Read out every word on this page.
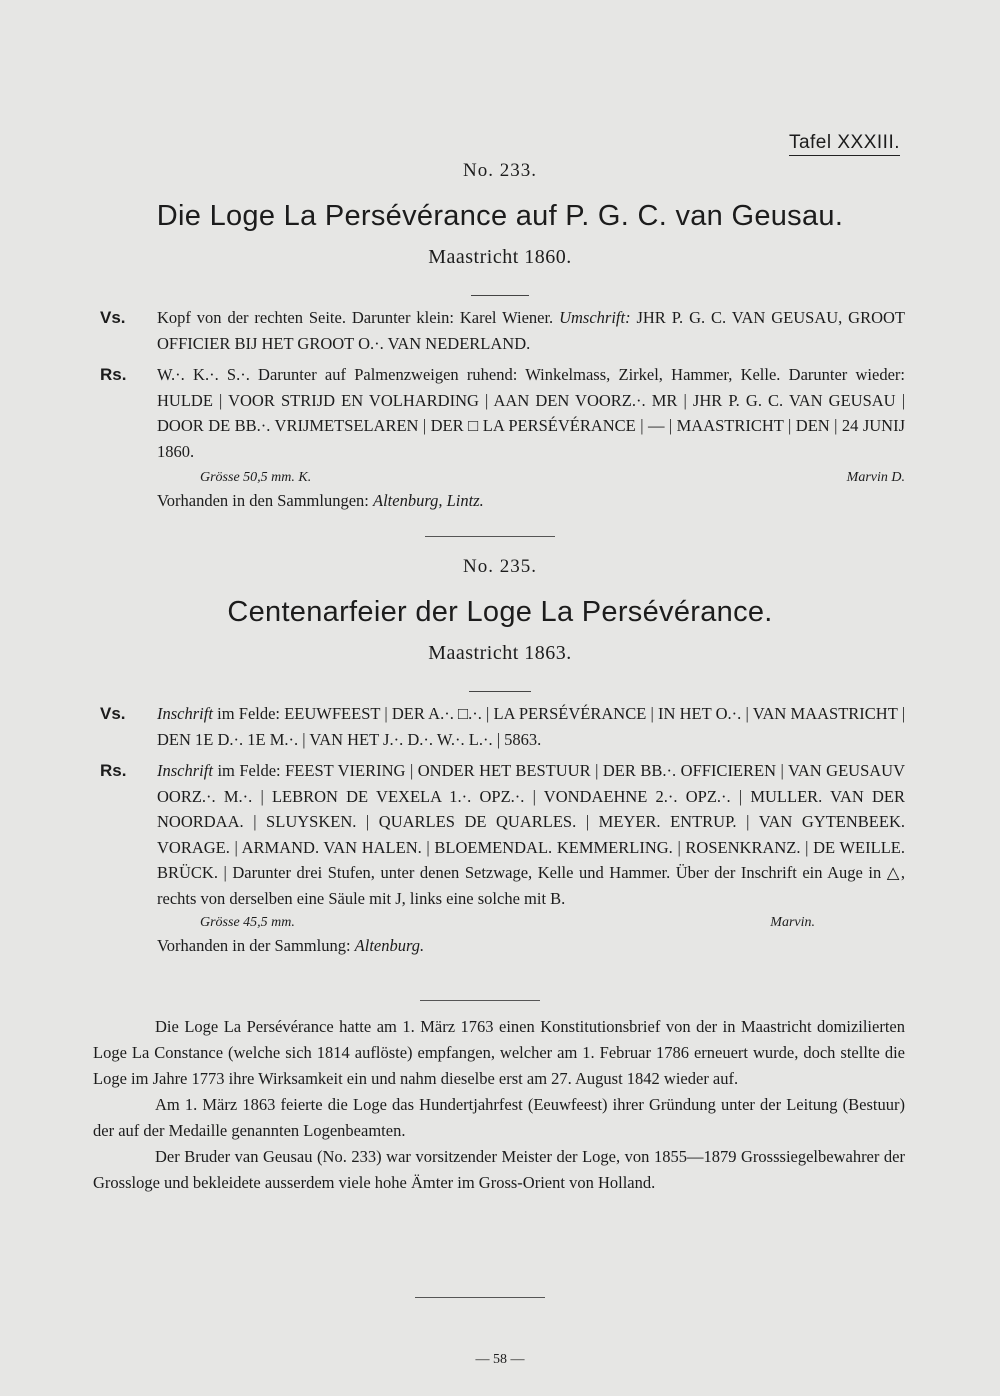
Tafel XXXIII.
No. 233.
Die Loge La Persévérance auf P. G. C. van Geusau.
Maastricht 1860.
Vs. Kopf von der rechten Seite. Darunter klein: Karel Wiener. Umschrift: JHR P. G. C. VAN GEUSAU, GROOT OFFICIER BIJ HET GROOT O.·. VAN NEDERLAND.
Rs. W.·. K.·. S.·. Darunter auf Palmenzweigen ruhend: Winkelmass, Zirkel, Hammer, Kelle. Darunter wieder: HULDE | VOOR STRIJD EN VOLHARDING | AAN DEN VOORZ.·. MR | JHR P. G. C. VAN GEUSAU | DOOR DE BB.·. VRIJMETSELAREN | DER □ LA PERSÉVÉRANCE | — | MAASTRICHT | DEN | 24 JUNIJ 1860.
Grösse 50,5 mm. K.	Marvin D.
Vorhanden in den Sammlungen: Altenburg, Lintz.
No. 235.
Centenarfeier der Loge La Persévérance.
Maastricht 1863.
Vs. Inschrift im Felde: EEUWFEEST | DER A.·. □.·. | LA PERSÉVÉRANCE | IN HET O.·. | VAN MAASTRICHT | DEN 1E D.·. 1E M.·. | VAN HET J.·. D.·. W.·. L.·. | 5863.
Rs. Inschrift im Felde: FEEST VIERING | ONDER HET BESTUUR | DER BB.·. OFFICIEREN | VAN GEUSAUV OORZ.·. M.·. | LEBRON DE VEXELA 1.·. OPZ.·. | VONDAEHNE 2.·. OPZ.·. | MULLER. VAN DER NOORDAA. | SLUYSKEN. | QUARLES DE QUARLES. | MEYER. ENTRUP. | VAN GYTENBEEK. VORAGE. | ARMAND. VAN HALEN. | BLOEMENDAL. KEMMERLING. | ROSENKRANZ. | DE WEILLE. BRÜCK. | Darunter drei Stufen, unter denen Setzwage, Kelle und Hammer. Über der Inschrift ein Auge in △, rechts von derselben eine Säule mit J, links eine solche mit B.
Grösse 45,5 mm.	Marvin.
Vorhanden in der Sammlung: Altenburg.

Die Loge La Persévérance hatte am 1. März 1763 einen Konstitutionsbrief von der in Maastricht domizilierten Loge La Constance (welche sich 1814 auflöste) empfangen, welcher am 1. Februar 1786 erneuert wurde, doch stellte die Loge im Jahre 1773 ihre Wirksamkeit ein und nahm dieselbe erst am 27. August 1842 wieder auf.

Am 1. März 1863 feierte die Loge das Hundertjahrfest (Eeuwfeest) ihrer Gründung unter der Leitung (Bestuur) der auf der Medaille genannten Logenbeamten.

Der Bruder van Geusau (No. 233) war vorsitzender Meister der Loge, von 1855—1879 Grosssiegelbewahrer der Grossloge und bekleidete ausserdem viele hohe Ämter im Gross-Orient von Holland.

— 58 —
